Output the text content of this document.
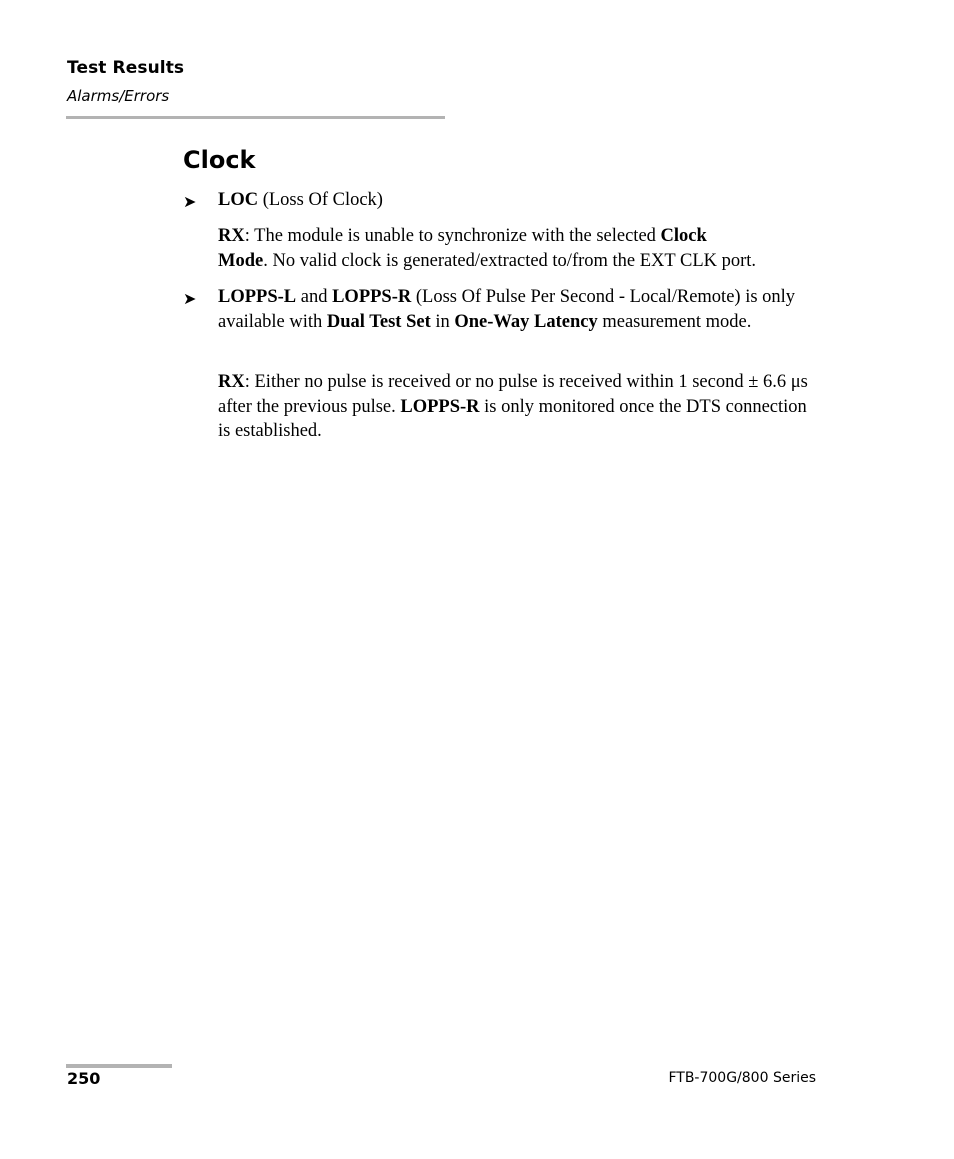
Test Results
Alarms/Errors
Clock
➤ LOC (Loss Of Clock)
RX: The module is unable to synchronize with the selected Clock
Mode. No valid clock is generated/extracted to/from the EXT CLK port.
➤ LOPPS-L and LOPPS-R (Loss Of Pulse Per Second - Local/Remote) is only available with Dual Test Set in One-Way Latency measurement mode.
RX: Either no pulse is received or no pulse is received within 1 second ± 6.6 μs after the previous pulse. LOPPS-R is only monitored once the DTS connection is established.
250	FTB-700G/800 Series
